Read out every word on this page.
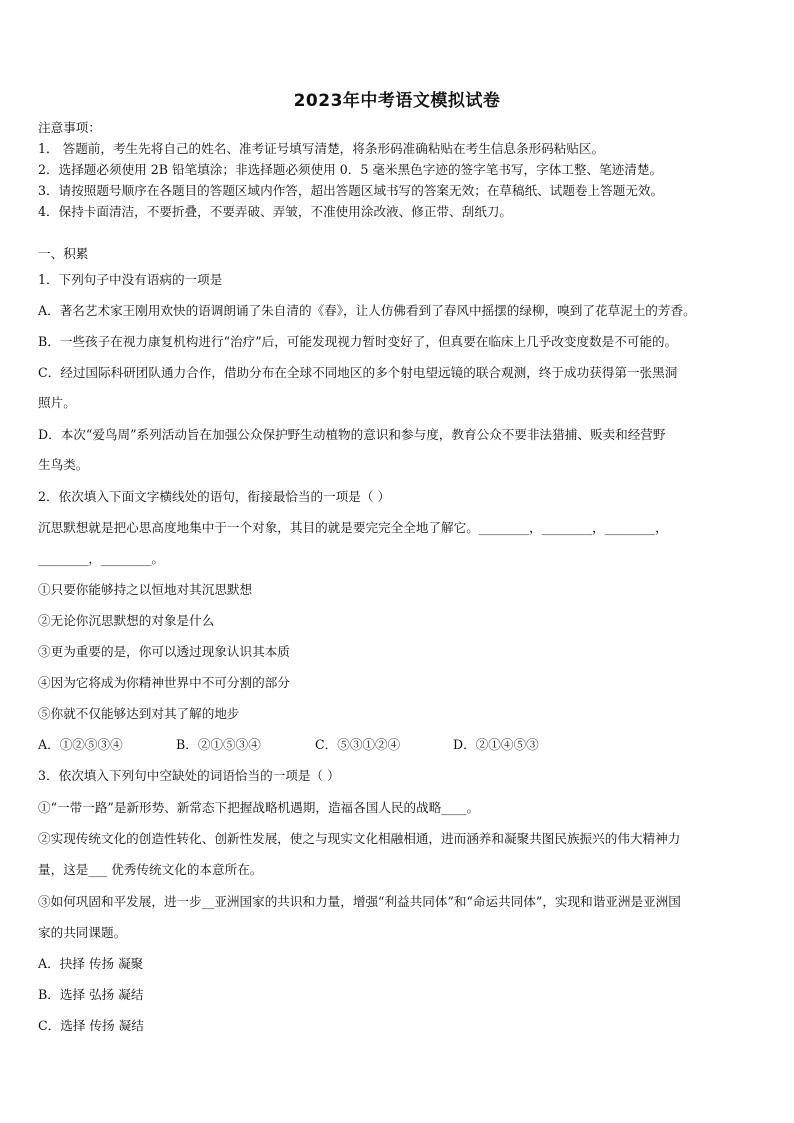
2023年中考语文模拟试卷
注意事项：
1． 答题前，考生先将自己的姓名、准考证号填写清楚，将条形码准确粘贴在考生信息条形码粘贴区。
2．选择题必须使用 2B 铅笔填涂；非选择题必须使用 0．5 毫米黑色字迹的签字笔书写，字体工整、笔迹清楚。
3．请按照题号顺序在各题目的答题区域内作答，超出答题区域书写的答案无效；在草稿纸、试题卷上答题无效。
4．保持卡面清洁，不要折叠，不要弄破、弄皱，不准使用涂改液、修正带、刮纸刀。
一、积累
1．下列句子中没有语病的一项是
A．著名艺术家王刚用欢快的语调朗诵了朱自清的《春》，让人仿佛看到了春风中摇摆的绿柳，嗅到了花草泥土的芳香。
B．一些孩子在视力康复机构进行“治疗”后，可能发现视力暂时变好了，但真要在临床上几乎改变度数是不可能的。
C．经过国际科研团队通力合作，借助分布在全球不同地区的多个射电望远镜的联合观测，终于成功获得第一张黑洞
照片。
D．本次“爱鸟周”系列活动旨在加强公众保护野生动植物的意识和参与度，教育公众不要非法猎捕、贩卖和经营野
生鸟类。
2．依次填入下面文字横线处的语句，衔接最恰当的一项是（ ）
沉思默想就是把心思高度地集中于一个对象，其目的就是要完完全全地了解它。________，________，________，
________，________。
①只要你能够持之以恒地对其沉思默想
②无论你沉思默想的对象是什么
③更为重要的是，你可以透过现象认识其本质
④因为它将成为你精神世界中不可分割的部分
⑤你就不仅能够达到对其了解的地步
A．①②⑤③④	B．②①⑤③④	C．⑤③①②④	D．②①④⑤③
3．依次填入下列句中空缺处的词语恰当的一项是（ ）
①“一带一路”是新形势、新常态下把握战略机遇期，造福各国人民的战略____。
②实现传统文化的创造性转化、创新性发展，使之与现实文化相融相通，进而涵养和凝聚共图民族振兴的伟大精神力
量，这是___ 优秀传统文化的本意所在。
③如何巩固和平发展，进一步__亚洲国家的共识和力量，增强“利益共同体”和“命运共同体”，实现和谐亚洲是亚洲国
家的共同课题。
A．抉择 传扬 凝聚
B．选择 弘扬 凝结
C．选择 传扬 凝结
